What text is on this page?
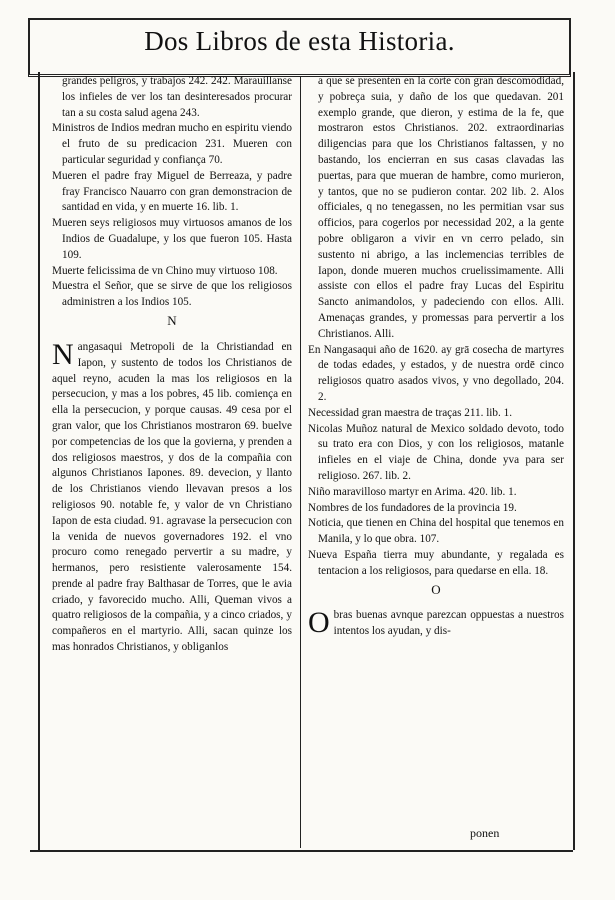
Dos Libros de esta Historia.

grandes peligros, y trabajos 242. 242. Marauillanse los infieles de ver los tan desinteresados procurar tan a su costa salud agena 243.

Ministros de Indios medran mucho en espiritu viendo el fruto de su predicacion 231. Mueren con particular seguridad y confiança 70.

Mueren el padre fray Miguel de Berreaza, y padre fray Francisco Nauarro con gran demonstracion de santidad en vida, y en muerte 16. lib. 1.

Mueren seys religiosos muy virtuosos amanos de los Indios de Guadalupe, y los que fueron 105. Hasta 109.

Muerte felicissima de vn Chino muy virtuoso 108.

Muestra el Señor, que se sirve de que los religiosos administren a los Indios 105.

N

Nangasaqui Metropoli de la Christiandad en Iapon, y sustento de todos los Christianos de aquel reyno, acuden la mas los religiosos en la persecucion, y mas a los pobres, 45 lib. comiença en ella la persecucion, y porque causas. 49 cesa por el gran valor, que los Christianos mostraron 69. buelve por competencias de los que la govierna, y prenden a dos religiosos maestros, y dos de la compañia con algunos Christianos Iapones. 89. devecion, y llanto de los Christianos viendo llevavan presos a los religiosos 90. notable fe, y valor de vn Christiano Iapon de esta ciudad. 91. agravase la persecucion con la venida de nuevos governadores 192. el vno procuro como renegado pervertir a su madre, y hermanos, pero resistiente valerosamente 154. prende al padre fray Balthasar de Torres, que le avia criado, y favorecido mucho. Alli, Queman vivos a quatro religiosos de la compañia, y a cinco criados, y compañeros en el martyrio. Alli, sacan quinze los mas honrados Christianos, y obliganlos

a que se presenten en la corte con gran descomodidad, y pobreça suia, y daño de los que quedavan. 201 exemplo grande, que dieron, y estima de la fe, que mostraron estos Christianos. 202. extraordinarias diligencias para que los Christianos faltassen, y no bastando, los encierran en sus casas clavadas las puertas, para que mueran de hambre, como murieron, y tantos, que no se pudieron contar. 202 lib. 2. Alos officiales, q no tenegassen, no les permitian vsar sus officios, para cogerlos por necessidad 202, a la gente pobre obligaron a vivir en vn cerro pelado, sin sustento ni abrigo, a las inclemencias terribles de Iapon, donde mueren muchos cruelissimamente. Alli assiste con ellos el padre fray Lucas del Espiritu Sancto animandolos, y padeciendo con ellos. Alli. Amenaças grandes, y promessas para pervertir a los Christianos. Alli.

En Nangasaqui año de 1620. ay grā cosecha de martyres de todas edades, y estados, y de nuestra ordē cinco religiosos quatro asados vivos, y vno degollado, 204. 2.

Necessidad gran maestra de traças 211. lib. 1.

Nicolas Muñoz natural de Mexico soldado devoto, todo su trato era con Dios, y con los religiosos, matanle infieles en el viaje de China, donde yva para ser religioso. 267. lib. 2.

Niño maravilloso martyr en Arima. 420. lib. 1.

Nombres de los fundadores de la provincia 19.

Noticia, que tienen en China del hospital que tenemos en Manila, y lo que obra. 107.

Nueva España tierra muy abundante, y regalada es tentacion a los religiosos, para quedarse en ella. 18.

O

Obras buenas avnque parezcan oppuestas a nuestros intentos los ayudan, y dis-

ponen
